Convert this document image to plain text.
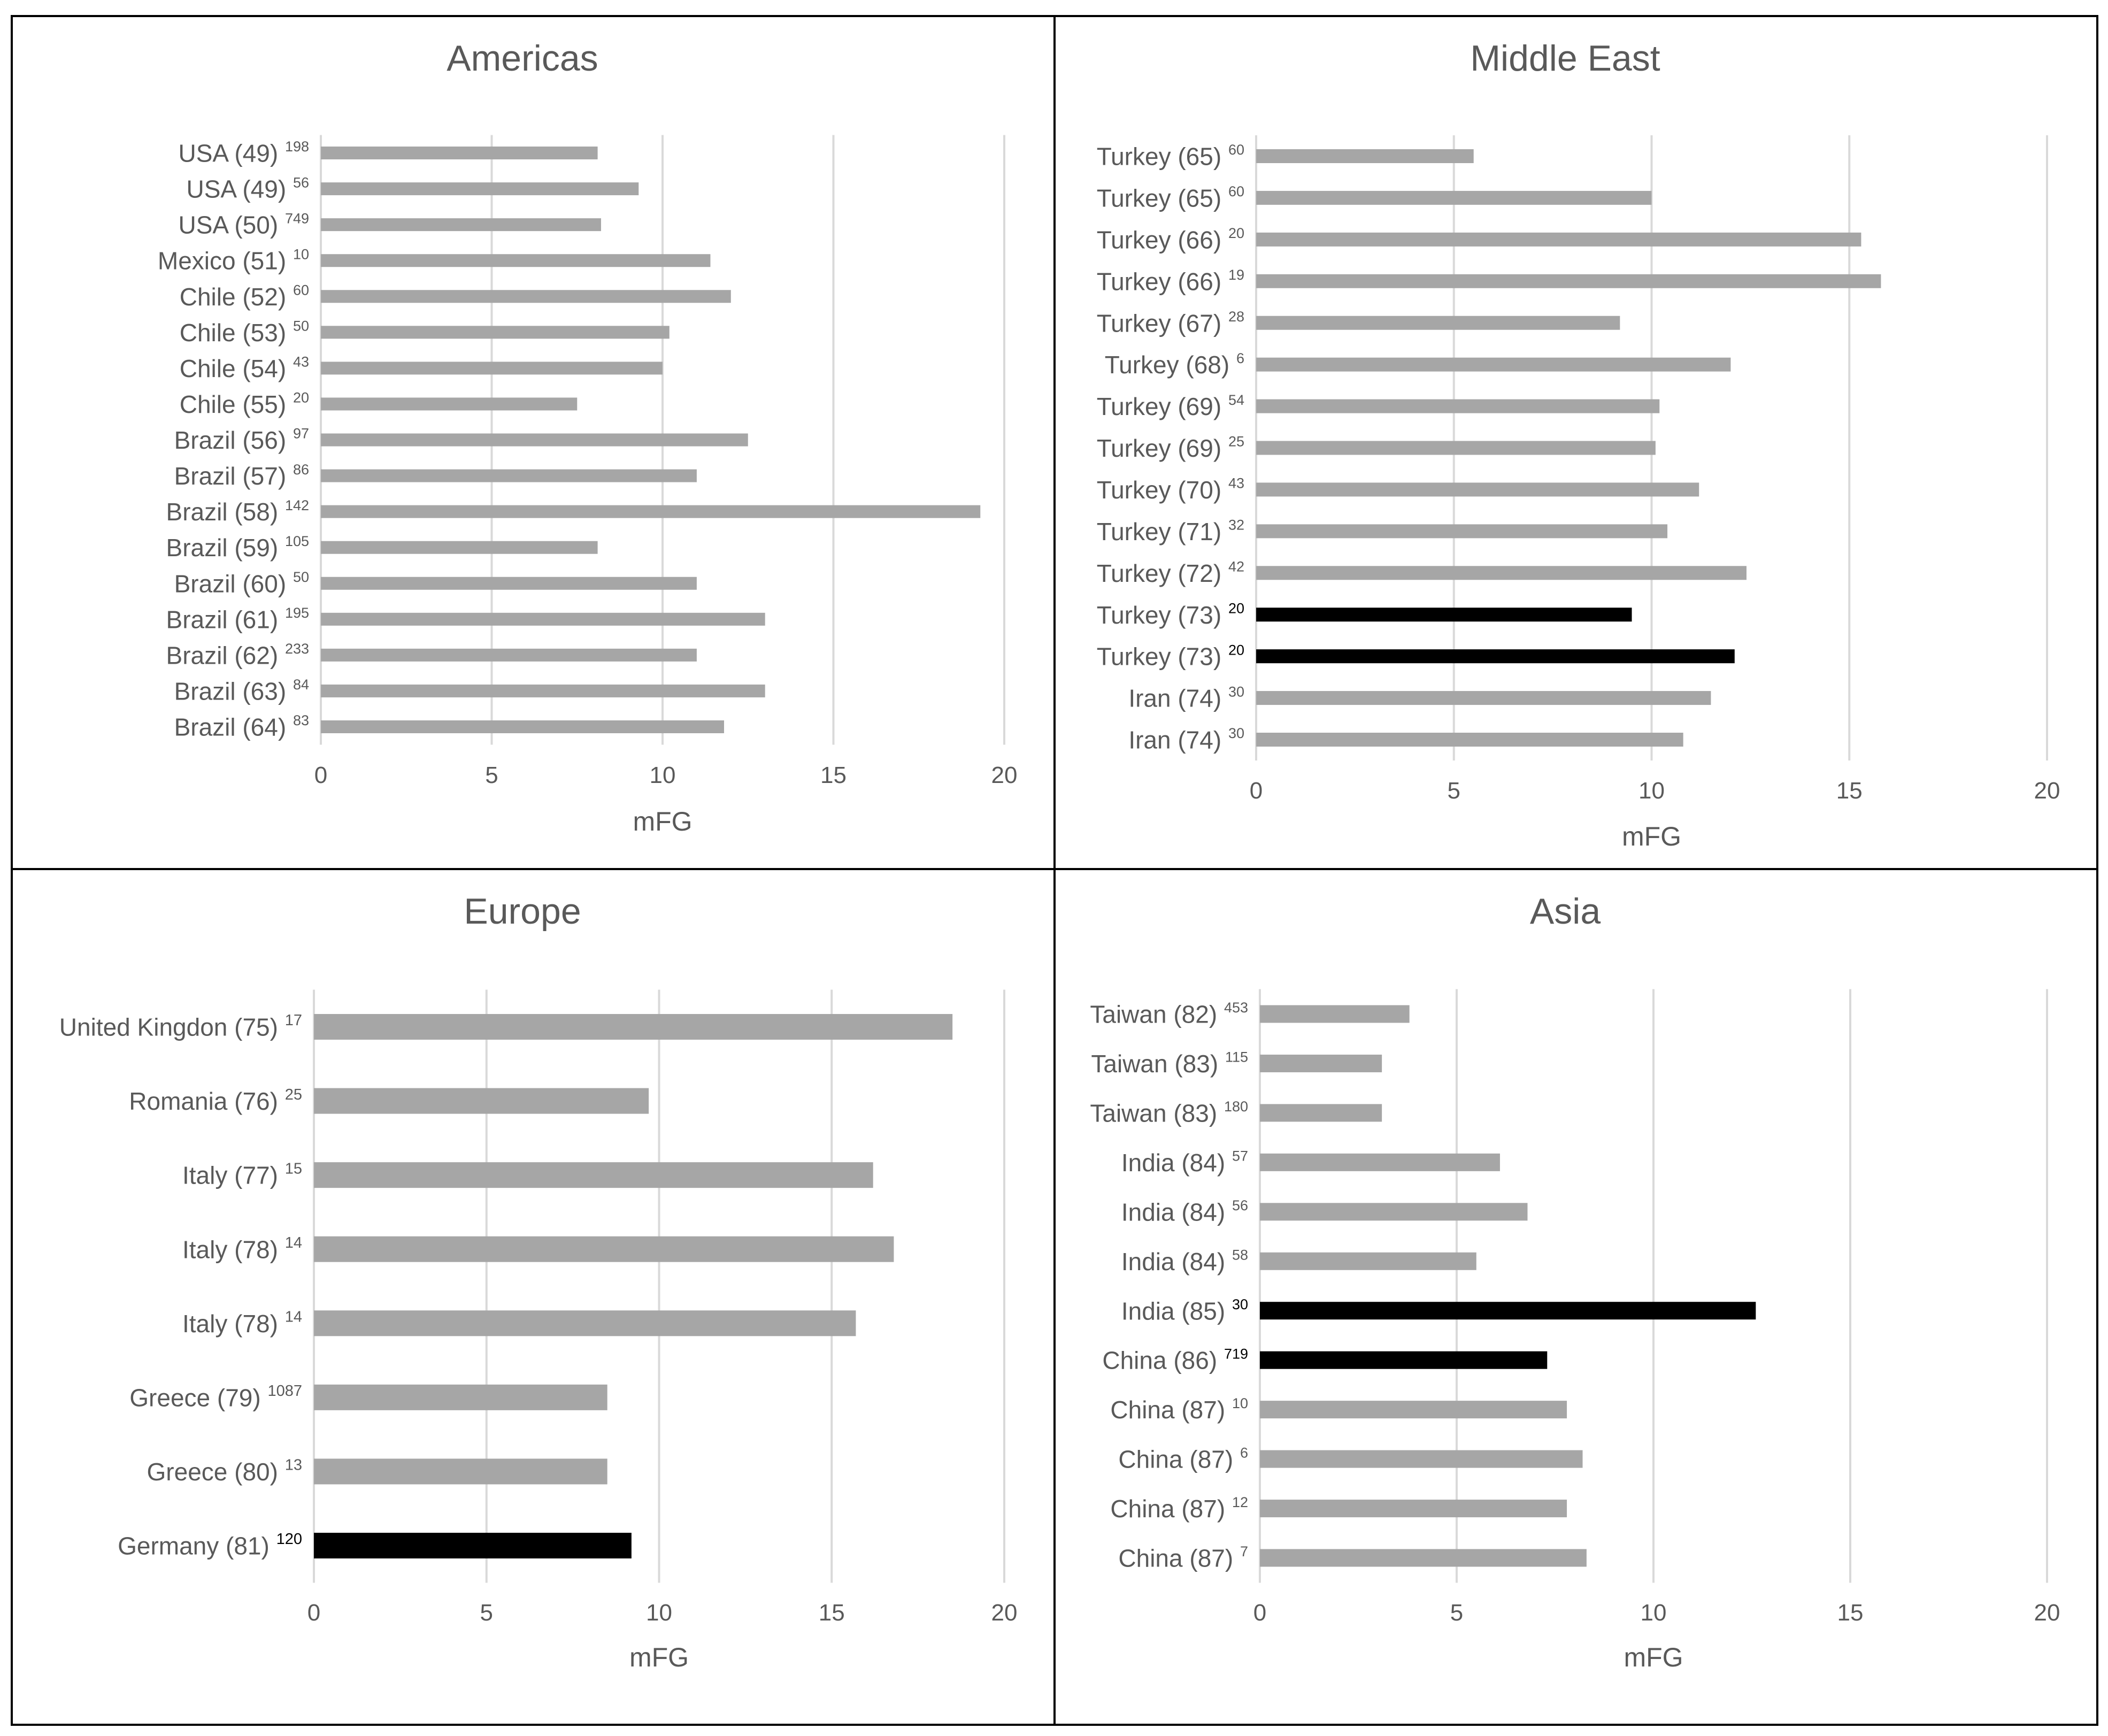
Americas
0	5	10	15	20
USA (49) $^{198}$
USA (49) $^{56}$
USA (50) $^{749}$
Mexico (51) $^{10}$
Chile (52) $^{60}$
Chile (53) $^{50}$
Chile (54) $^{43}$
Chile (55) $^{20}$
Brazil (56) $^{97}$
Brazil (57) $^{86}$
Brazil (58) $^{142}$
Brazil (59) $^{105}$
Brazil (60) $^{50}$
Brazil (61) $^{195}$
Brazil (62) $^{233}$
Brazil (63) $^{84}$
Brazil (64) $^{83}$
mFG
Middle East
0	5	10	15	20
Turkey (65) $^{60}$
Turkey (65) $^{60}$
Turkey (66) $^{20}$
Turkey (66) $^{19}$
Turkey (67) $^{28}$
Turkey (68) $^6$
Turkey (69) $^{54}$
Turkey (69) $^{25}$
Turkey (70) $^{43}$
Turkey (71) $^{32}$
Turkey (72) $^{42}$
Turkey (73) $^{20}$
Turkey (73) $^{20}$
Iran (74) $^{30}$
Iran (74) $^{30}$
mFG
Europe
0	5	10	15	20
United Kingdon (75) $^{17}$
Romania (76) $^{25}$
Italy (77) $^{15}$
Italy (78) $^{14}$
Italy (78) $^{14}$
Greece (79) $^{1087}$
Greece (80) $^{13}$
Germany (81) $^{120}$
mFG
Asia
0	5	10	15	20
Taiwan (82) $^{453}$
Taiwan (83) $^{115}$
Taiwan (83) $^{180}$
India (84) $^{57}$
India (84) $^{56}$
India (84) $^{58}$
India (85) $^{30}$
China (86) $^{719}$
China (87) $^{10}$
China (87) $^6$
China (87) $^{12}$
China (87) $^7$
mFG
